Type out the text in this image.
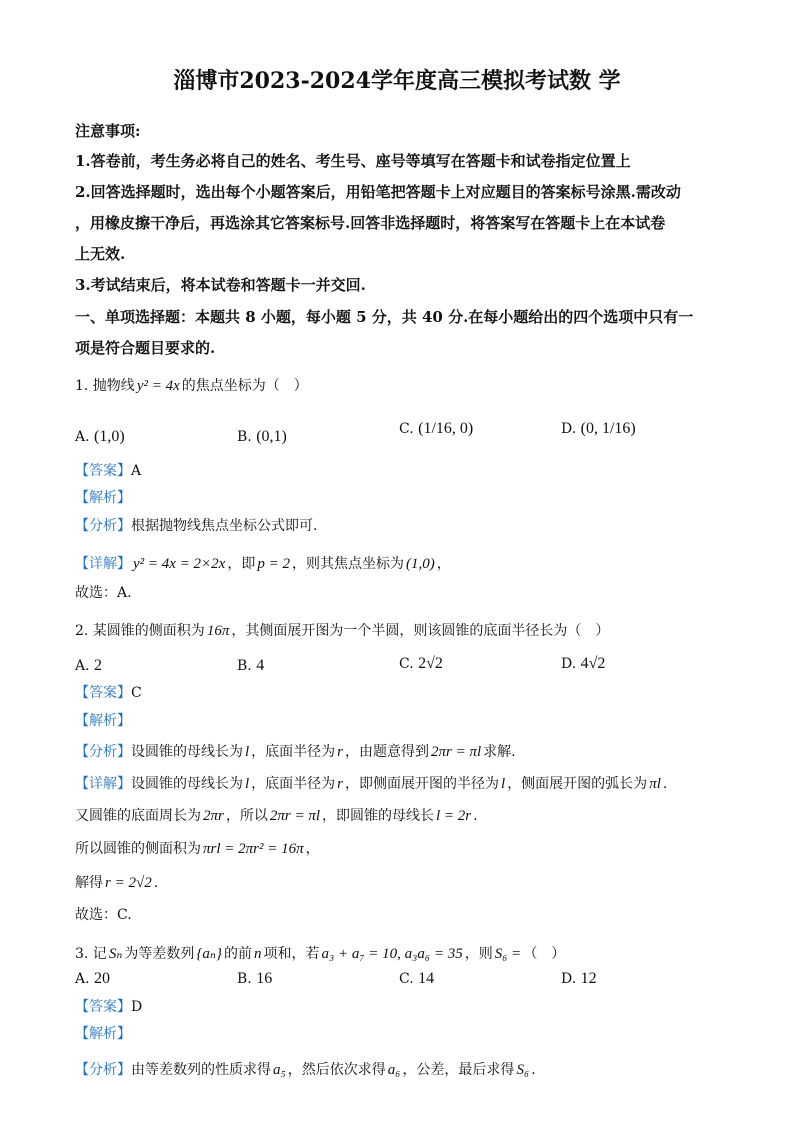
淄博市2023-2024学年度高三模拟考试数 学
注意事项:
1.答卷前，考生务必将自己的姓名、考生号、座号等填写在答题卡和试卷指定位置上
2.回答选择题时，选出每个小题答案后，用铅笔把答题卡上对应题目的答案标号涂黑.需改动
，用橡皮擦干净后，再选涂其它答案标号.回答非选择题时，将答案写在答题卡上在本试卷
上无效.
3.考试结束后，将本试卷和答题卡一并交回.
一、单项选择题：本题共 8 小题，每小题 5 分，共 40 分.在每小题给出的四个选项中只有一
项是符合题目要求的.
1. 抛物线 y² = 4x 的焦点坐标为（　）
A. (1,0)	B. (0,1)	C. (1/16, 0)	D. (0, 1/16)
【答案】A
【解析】
【分析】根据抛物线焦点坐标公式即可.
【详解】 y² = 4x = 2×2x ，即 p = 2 ，则其焦点坐标为 (1,0) ，
故选：A.
2. 某圆锥的侧面积为 16π ，其侧面展开图为一个半圆，则该圆锥的底面半径长为（　）
A. 2	B. 4	C. 2√2	D. 4√2
【答案】C
【解析】
【分析】设圆锥的母线长为 l ，底面半径为 r ，由题意得到 2πr = πl 求解.
【详解】设圆锥的母线长为 l ，底面半径为 r ，即侧面展开图的半径为 l ，侧面展开图的弧长为 πl .
又圆锥的底面周长为 2πr ，所以 2πr = πl ，即圆锥的母线长 l = 2r .
所以圆锥的侧面积为 πrl = 2πr² = 16π ，
解得 r = 2√2 .
故选：C.
3. 记 Sₙ 为等差数列 {aₙ} 的前 n 项和，若 a₃ + a₇ = 10, a₃a₆ = 35 ，则 S₆ = （　）
A. 20	B. 16	C. 14	D. 12
【答案】D
【解析】
【分析】由等差数列的性质求得 a₅ ，然后依次求得 a₆ ，公差，最后求得 S₆ .
